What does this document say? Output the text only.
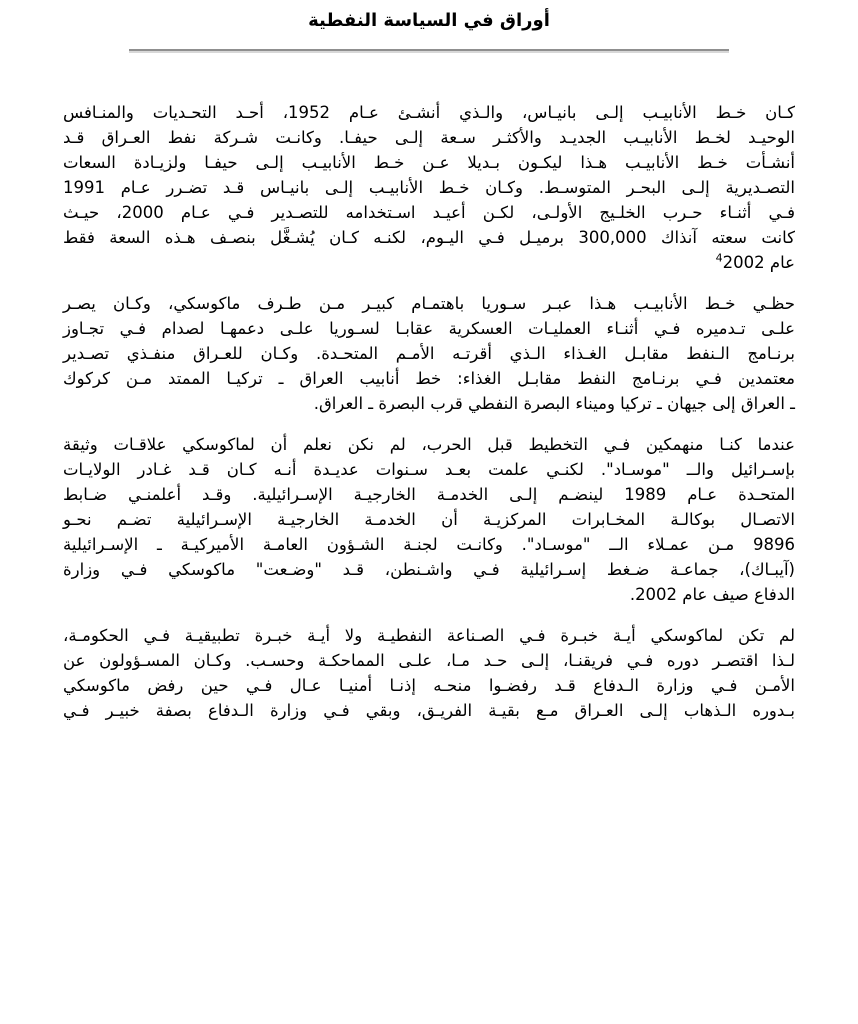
أوراق في السياسة النفطية
كـان خـط الأنابيـب إلـى بانيـاس، والـذي أنشـئ عـام 1952، أحـد التحـديات والمنـافس
الوحيـد لخـط الأنابيـب الجديـد والأكثـر سـعة إلـى حيفـا. وكانـت شـركة نفط العـراق قـد
أنشـأت خـط الأنابيـب هـذا ليكـون بـديلا عـن خـط الأنابيـب إلـى حيفـا ولزيـادة السعات
التصـديرية إلـى البحـر المتوسـط. وكـان خـط الأنابيـب إلـى بانيـاس قـد تضـرر عـام 1991
فـي أثنـاء حـرب الخلـيج الأولـى، لكـن أعيـد اسـتخدامه للتصـدير فـي عـام 2000، حيـث
كانت سعته آنذاك 300,000 برميـل فـي اليـوم، لكنـه كـان يُشـغَّل بنصـف هـذه السعة فقط
عام 2002$^4$
حظـي خـط الأنابيـب هـذا عبـر سـوريا باهتمـام كبيـر مـن طـرف ماكوسكي، وكـان يصـر
علـى تـدميره فـي أثنـاء العمليـات العسكرية عقابـا لسـوريا علـى دعمهـا لصدام فـي تجـاوز
برنـامج الـنفط مقابـل الغـذاء الـذي أقرتـه الأمـم المتحـدة. وكـان للعـراق منفـذي تصـدير
معتمدين فـي برنـامج النفط مقابـل الغذاء: خط أنابيب العراق ـ تركيـا الممتد مـن كركوك
ـ العراق إلى جيهان ـ تركيا وميناء البصرة النفطي قرب البصرة ـ العراق.
عندما كنـا منهمكين فـي التخطيط قبل الحرب، لم نكن نعلم أن لماكوسكي علاقـات وثيقة
بإسـرائيل والــ "موسـاد". لكنـي علمت بعـد سـنوات عديـدة أنـه كـان قـد غـادر الولايـات
المتحـدة عـام 1989 لينضـم إلـى الخدمـة الخارجيـة الإسـرائيلية. وقـد أعلمنـي ضـابط
الاتصـال بوكالـة المخـابرات المركزيـة أن الخدمـة الخارجيـة الإسـرائيلية تضـم نحـو
9896 مـن عمـلاء الــ "موسـاد". وكانـت لجنـة الشـؤون العامـة الأميركيـة ـ الإسـرائيلية
(آيبـاك)، جماعـة ضـغط إسـرائيلية فـي واشـنطن، قـد "وضـعت" ماكوسكي فـي وزارة
الدفاع صيف عام 2002.
لم تكن لماكوسكي أيـة خبـرة فـي الصـناعة النفطيـة ولا أيـة خبـرة تطبيقيـة فـي الحكومـة،
لـذا اقتصـر دوره فـي فريقنـا، إلـى حـد مـا، علـى المماحكـة وحسـب. وكـان المسـؤولون عن
الأمـن فـي وزارة الـدفاع قـد رفضـوا منحـه إذنـا أمنيـا عـال فـي حين رفض ماكوسكي
بـدوره الـذهاب إلـى العـراق مـع بقيـة الفريـق، وبقي فـي وزارة الـدفاع بصفة خبيـر فـي
